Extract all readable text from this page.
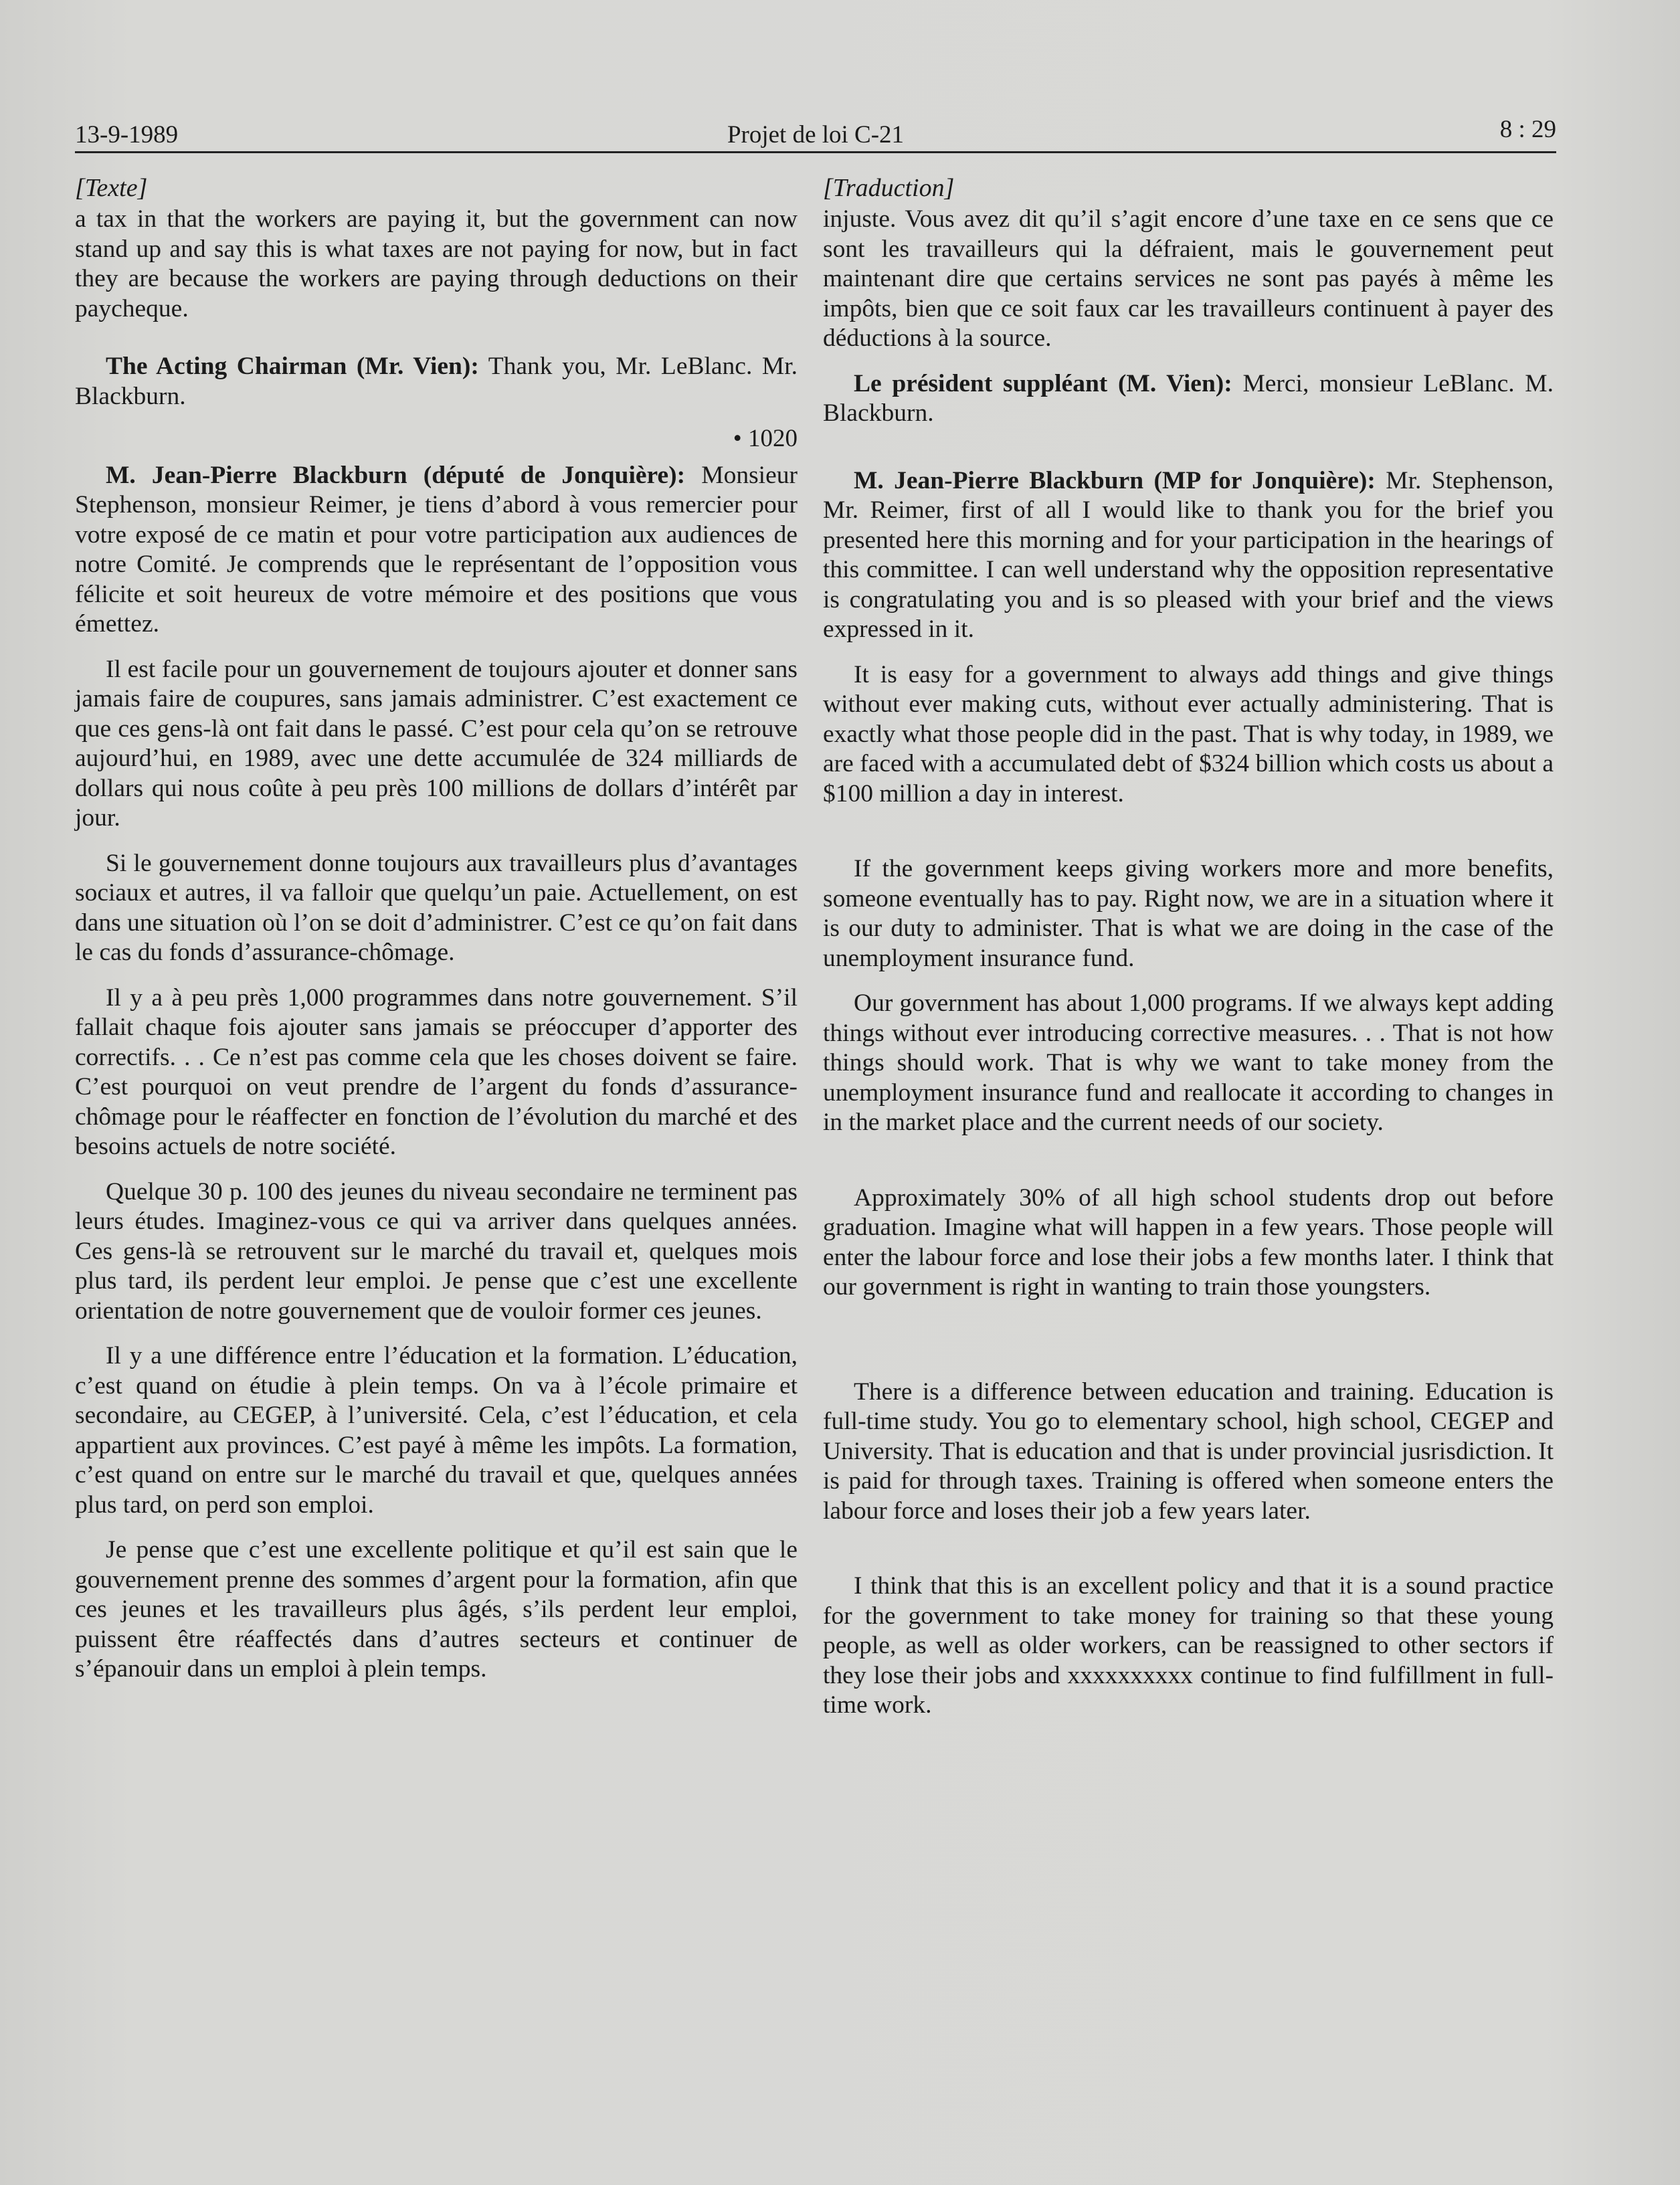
13-9-1989	Projet de loi C-21	8 : 29
[Texte]

a tax in that the workers are paying it, but the government can now stand up and say this is what taxes are not paying for now, but in fact they are because the workers are paying through deductions on their paycheque.

The Acting Chairman (Mr. Vien): Thank you, Mr. LeBlanc. Mr. Blackburn.

• 1020

M. Jean-Pierre Blackburn (député de Jonquière): Monsieur Stephenson, monsieur Reimer, je tiens d’abord à vous remercier pour votre exposé de ce matin et pour votre participation aux audiences de notre Comité. Je comprends que le représentant de l’opposition vous félicite et soit heureux de votre mémoire et des positions que vous émettez.

Il est facile pour un gouvernement de toujours ajouter et donner sans jamais faire de coupures, sans jamais administrer. C’est exactement ce que ces gens-là ont fait dans le passé. C’est pour cela qu’on se retrouve aujourd’hui, en 1989, avec une dette accumulée de 324 milliards de dollars qui nous coûte à peu près 100 millions de dollars d’intérêt par jour.

Si le gouvernement donne toujours aux travailleurs plus d’avantages sociaux et autres, il va falloir que quelqu’un paie. Actuellement, on est dans une situation où l’on se doit d’administrer. C’est ce qu’on fait dans le cas du fonds d’assurance-chômage.

Il y a à peu près 1,000 programmes dans notre gouvernement. S’il fallait chaque fois ajouter sans jamais se préoccuper d’apporter des correctifs. . . Ce n’est pas comme cela que les choses doivent se faire. C’est pourquoi on veut prendre de l’argent du fonds d’assurance-chômage pour le réaffecter en fonction de l’évolution du marché et des besoins actuels de notre société.

Quelque 30 p. 100 des jeunes du niveau secondaire ne terminent pas leurs études. Imaginez-vous ce qui va arriver dans quelques années. Ces gens-là se retrouvent sur le marché du travail et, quelques mois plus tard, ils perdent leur emploi. Je pense que c’est une excellente orientation de notre gouvernement que de vouloir former ces jeunes.

Il y a une différence entre l’éducation et la formation. L’éducation, c’est quand on étudie à plein temps. On va à l’école primaire et secondaire, au CEGEP, à l’université. Cela, c’est l’éducation, et cela appartient aux provinces. C’est payé à même les impôts. La formation, c’est quand on entre sur le marché du travail et que, quelques années plus tard, on perd son emploi.

Je pense que c’est une excellente politique et qu’il est sain que le gouvernement prenne des sommes d’argent pour la formation, afin que ces jeunes et les travailleurs plus âgés, s’ils perdent leur emploi, puissent être réaffectés dans d’autres secteurs et continuer de s’épanouir dans un emploi à plein temps.

[Traduction]

injuste. Vous avez dit qu’il s’agit encore d’une taxe en ce sens que ce sont les travailleurs qui la défraient, mais le gouvernement peut maintenant dire que certains services ne sont pas payés à même les impôts, bien que ce soit faux car les travailleurs continuent à payer des déductions à la source.

Le président suppléant (M. Vien): Merci, monsieur LeBlanc. M. Blackburn.

M. Jean-Pierre Blackburn (MP for Jonquière): Mr. Stephenson, Mr. Reimer, first of all I would like to thank you for the brief you presented here this morning and for your participation in the hearings of this committee. I can well understand why the opposition representative is congratulating you and is so pleased with your brief and the views expressed in it.

It is easy for a government to always add things and give things without ever making cuts, without ever actually administering. That is exactly what those people did in the past. That is why today, in 1989, we are faced with a accumulated debt of $324 billion which costs us about a $100 million a day in interest.

If the government keeps giving workers more and more benefits, someone eventually has to pay. Right now, we are in a situation where it is our duty to administer. That is what we are doing in the case of the unemployment insurance fund.

Our government has about 1,000 programs. If we always kept adding things without ever introducing corrective measures. . . That is not how things should work. That is why we want to take money from the unemployment insurance fund and reallocate it according to changes in in the market place and the current needs of our society.

Approximately 30% of all high school students drop out before graduation. Imagine what will happen in a few years. Those people will enter the labour force and lose their jobs a few months later. I think that our government is right in wanting to train those youngsters.

There is a difference between education and training. Education is full-time study. You go to elementary school, high school, CEGEP and University. That is education and that is under provincial jusrisdiction. It is paid for through taxes. Training is offered when someone enters the labour force and loses their job a few years later.

I think that this is an excellent policy and that it is a sound practice for the government to take money for training so that these young people, as well as older workers, can be reassigned to other sectors if they lose their jobs and xxxxxxxxxx continue to find fulfillment in full-time work.
